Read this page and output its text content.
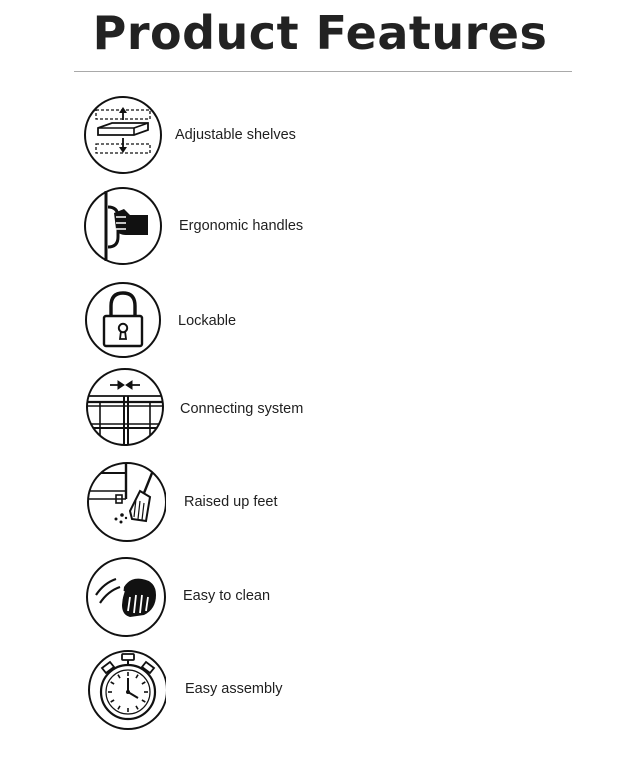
Product Features
Adjustable shelves
Ergonomic handles
Lockable
Connecting system
Raised up feet
Easy to clean
Easy assembly
